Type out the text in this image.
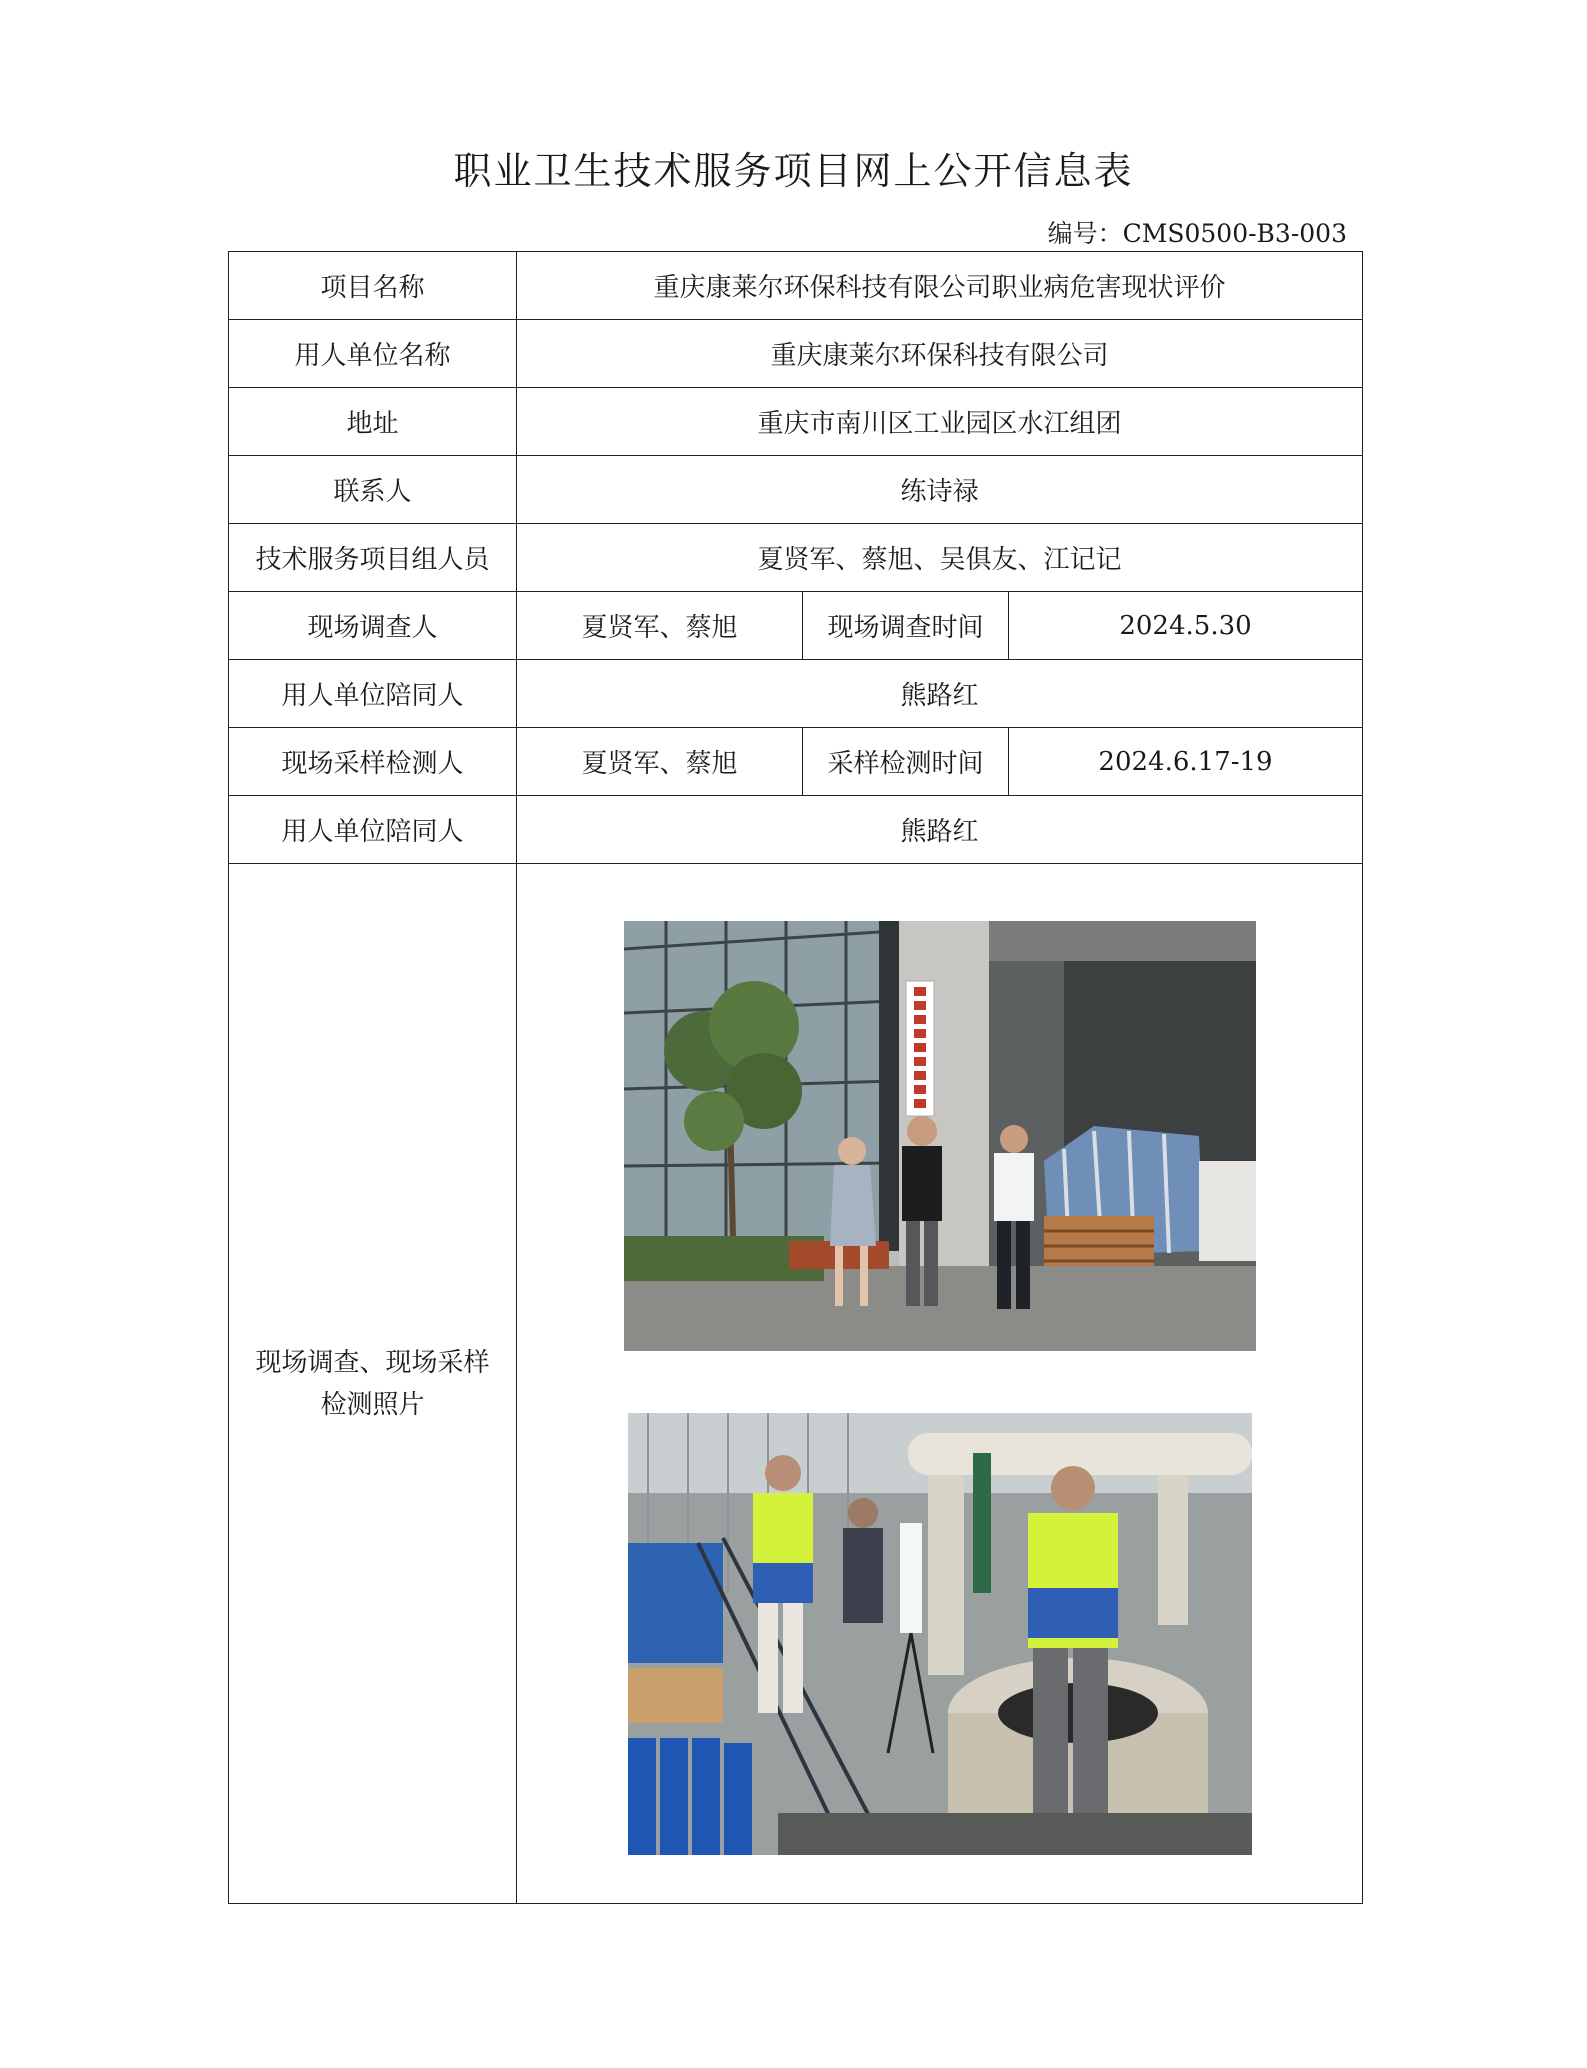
职业卫生技术服务项目网上公开信息表
编号：CMS0500-B3-003
项目名称	重庆康莱尔环保科技有限公司职业病危害现状评价		
用人单位名称	重庆康莱尔环保科技有限公司		
地址	重庆市南川区工业园区水江组团		
联系人	练诗禄		
技术服务项目组人员	夏贤军、蔡旭、吴俱友、江记记		
现场调查人	夏贤军、蔡旭	现场调查时间	2024.5.30
用人单位陪同人	熊路红		
现场采样检测人	夏贤军、蔡旭	采样检测时间	2024.6.17-19
用人单位陪同人	熊路红		
现场调查、现场采样
检测照片	
